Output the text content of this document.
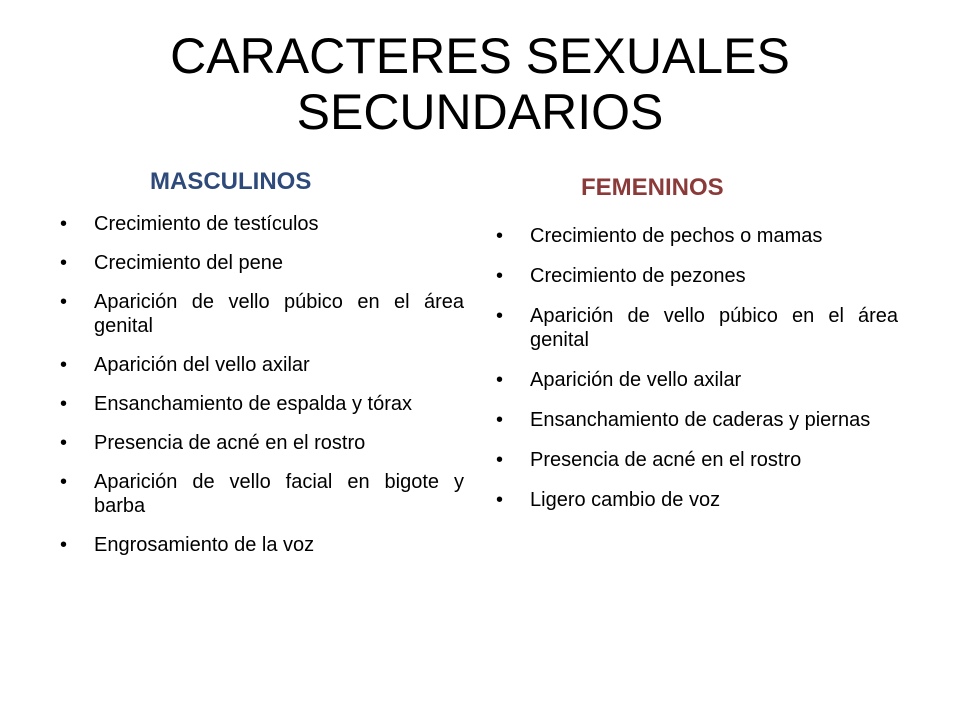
CARACTERES SEXUALES
SECUNDARIOS
MASCULINOS
• Crecimiento de testículos
• Crecimiento del pene
• Aparición de vello púbico en el área genital
• Aparición del vello axilar
• Ensanchamiento de espalda y tórax
• Presencia de acné en el rostro
• Aparición de vello facial en bigote y barba
• Engrosamiento de la voz
FEMENINOS
• Crecimiento de pechos o mamas
• Crecimiento de pezones
• Aparición de vello púbico en el área genital
• Aparición de vello axilar
• Ensanchamiento de caderas y piernas
• Presencia de acné en el rostro
• Ligero cambio de voz
